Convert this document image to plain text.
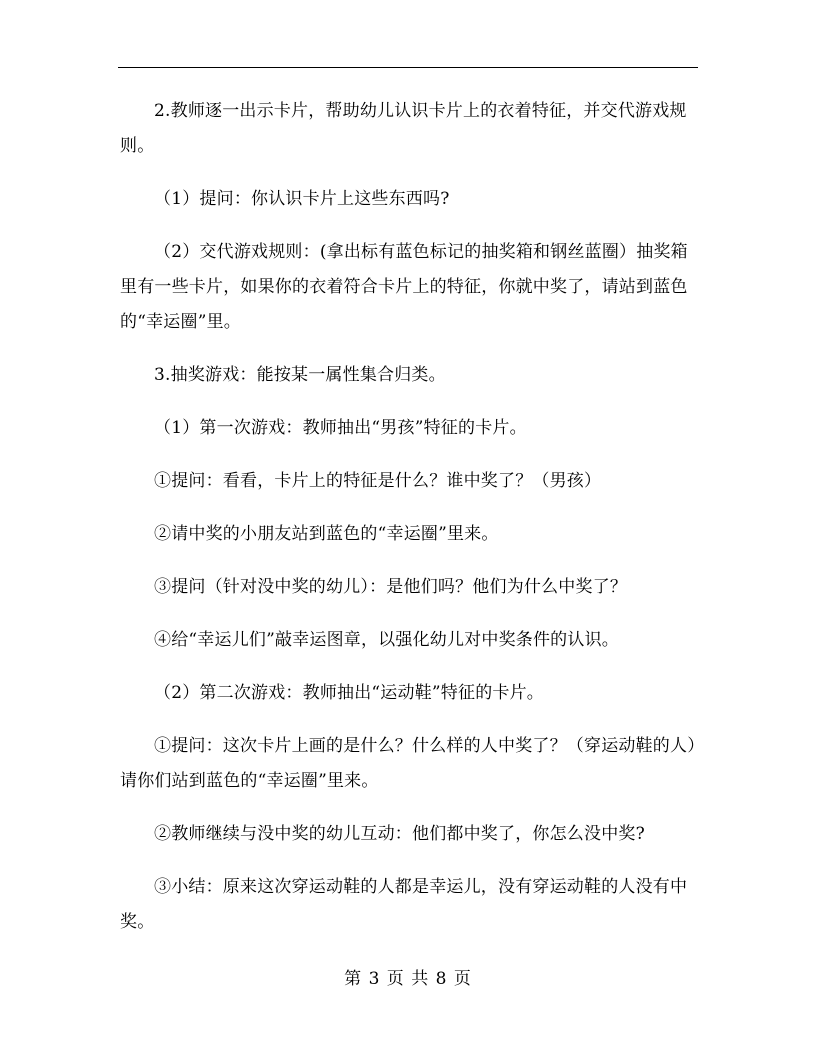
2.教师逐一出示卡片，帮助幼儿认识卡片上的衣着特征，并交代游戏规则。

（1）提问：你认识卡片上这些东西吗?

（2）交代游戏规则：(拿出标有蓝色标记的抽奖箱和钢丝蓝圈）抽奖箱里有一些卡片，如果你的衣着符合卡片上的特征，你就中奖了，请站到蓝色的“幸运圈”里。

3.抽奖游戏：能按某一属性集合归类。

（1）第一次游戏：教师抽出“男孩”特征的卡片。

①提问：看看，卡片上的特征是什么？谁中奖了？（男孩）

②请中奖的小朋友站到蓝色的“幸运圈”里来。

③提问（针对没中奖的幼儿）：是他们吗？他们为什么中奖了？

④给“幸运儿们”敲幸运图章，以强化幼儿对中奖条件的认识。

（2）第二次游戏：教师抽出“运动鞋”特征的卡片。

①提问：这次卡片上画的是什么？什么样的人中奖了？（穿运动鞋的人）请你们站到蓝色的“幸运圈”里来。

②教师继续与没中奖的幼儿互动：他们都中奖了，你怎么没中奖?

③小结：原来这次穿运动鞋的人都是幸运儿，没有穿运动鞋的人没有中奖。

第 3 页 共 8 页
